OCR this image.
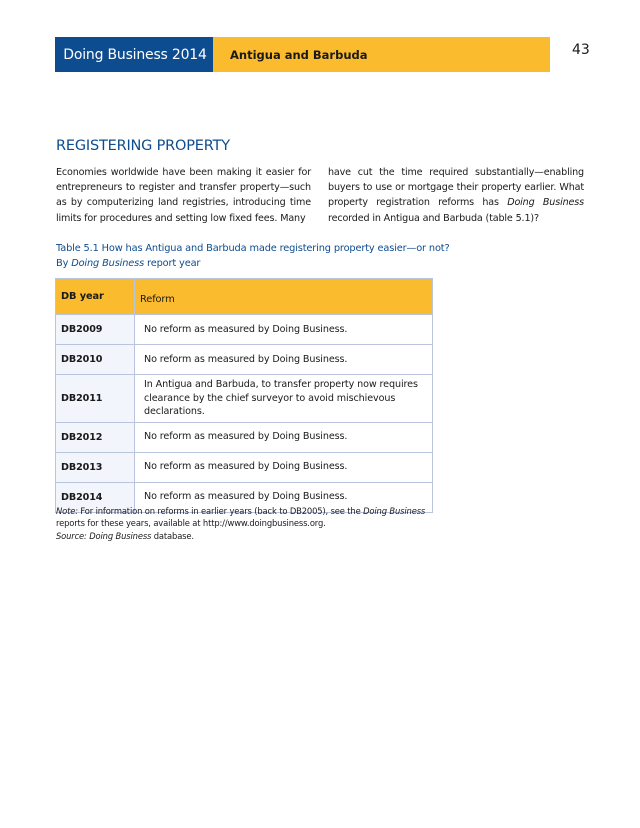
Doing Business 2014	Antigua and Barbuda	43
REGISTERING PROPERTY
Economies worldwide have been making it easier for entrepreneurs to register and transfer property—such as by computerizing land registries, introducing time limits for procedures and setting low fixed fees. Many
have cut the time required substantially—enabling buyers to use or mortgage their property earlier. What property registration reforms has Doing Business recorded in Antigua and Barbuda (table 5.1)?
Table 5.1 How has Antigua and Barbuda made registering property easier—or not?
By Doing Business report year
DB year	Reform
DB2009	No reform as measured by Doing Business.
DB2010	No reform as measured by Doing Business.
DB2011	In Antigua and Barbuda, to transfer property now requires clearance by the chief surveyor to avoid mischievous declarations.
DB2012	No reform as measured by Doing Business.
DB2013	No reform as measured by Doing Business.
DB2014	No reform as measured by Doing Business.
Note: For information on reforms in earlier years (back to DB2005), see the Doing Business
reports for these years, available at http://www.doingbusiness.org.
Source: Doing Business database.
